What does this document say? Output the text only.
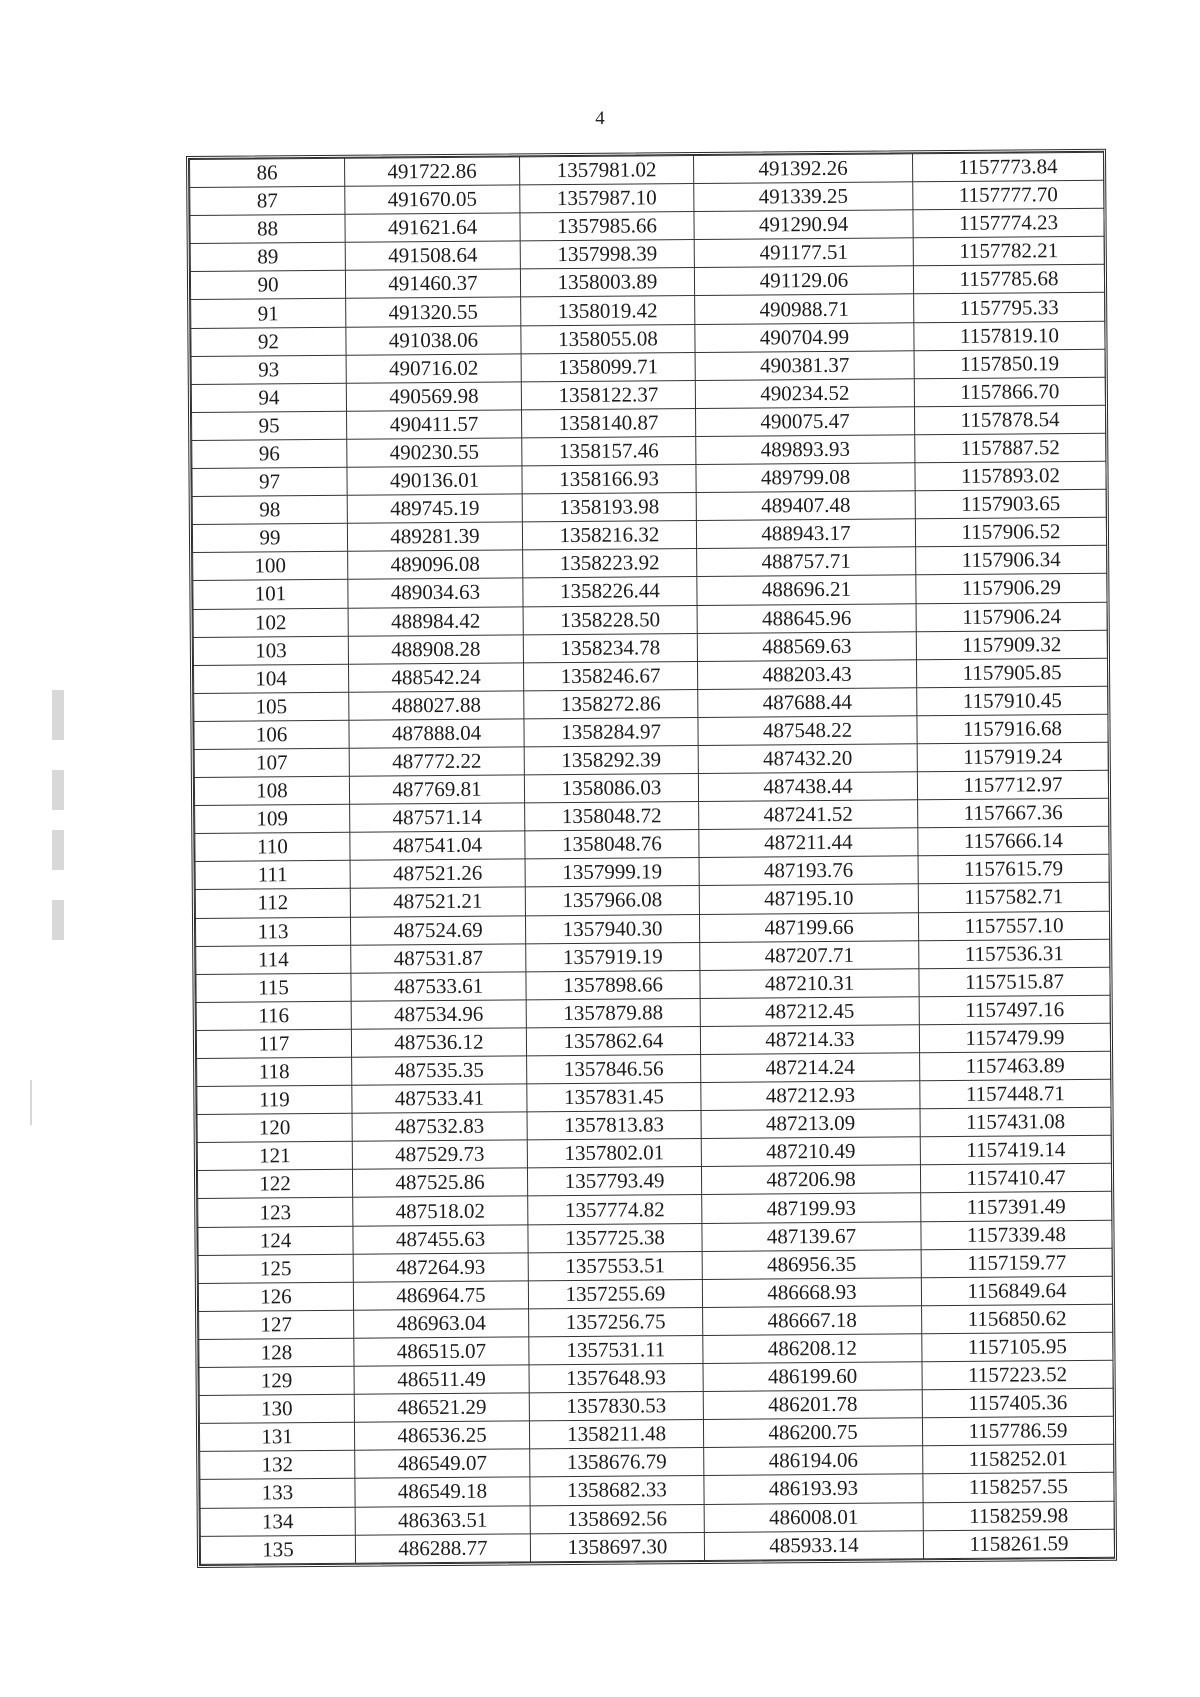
4
86	491722.86	1357981.02	491392.26	1157773.84
87	491670.05	1357987.10	491339.25	1157777.70
88	491621.64	1357985.66	491290.94	1157774.23
89	491508.64	1357998.39	491177.51	1157782.21
90	491460.37	1358003.89	491129.06	1157785.68
91	491320.55	1358019.42	490988.71	1157795.33
92	491038.06	1358055.08	490704.99	1157819.10
93	490716.02	1358099.71	490381.37	1157850.19
94	490569.98	1358122.37	490234.52	1157866.70
95	490411.57	1358140.87	490075.47	1157878.54
96	490230.55	1358157.46	489893.93	1157887.52
97	490136.01	1358166.93	489799.08	1157893.02
98	489745.19	1358193.98	489407.48	1157903.65
99	489281.39	1358216.32	488943.17	1157906.52
100	489096.08	1358223.92	488757.71	1157906.34
101	489034.63	1358226.44	488696.21	1157906.29
102	488984.42	1358228.50	488645.96	1157906.24
103	488908.28	1358234.78	488569.63	1157909.32
104	488542.24	1358246.67	488203.43	1157905.85
105	488027.88	1358272.86	487688.44	1157910.45
106	487888.04	1358284.97	487548.22	1157916.68
107	487772.22	1358292.39	487432.20	1157919.24
108	487769.81	1358086.03	487438.44	1157712.97
109	487571.14	1358048.72	487241.52	1157667.36
110	487541.04	1358048.76	487211.44	1157666.14
111	487521.26	1357999.19	487193.76	1157615.79
112	487521.21	1357966.08	487195.10	1157582.71
113	487524.69	1357940.30	487199.66	1157557.10
114	487531.87	1357919.19	487207.71	1157536.31
115	487533.61	1357898.66	487210.31	1157515.87
116	487534.96	1357879.88	487212.45	1157497.16
117	487536.12	1357862.64	487214.33	1157479.99
118	487535.35	1357846.56	487214.24	1157463.89
119	487533.41	1357831.45	487212.93	1157448.71
120	487532.83	1357813.83	487213.09	1157431.08
121	487529.73	1357802.01	487210.49	1157419.14
122	487525.86	1357793.49	487206.98	1157410.47
123	487518.02	1357774.82	487199.93	1157391.49
124	487455.63	1357725.38	487139.67	1157339.48
125	487264.93	1357553.51	486956.35	1157159.77
126	486964.75	1357255.69	486668.93	1156849.64
127	486963.04	1357256.75	486667.18	1156850.62
128	486515.07	1357531.11	486208.12	1157105.95
129	486511.49	1357648.93	486199.60	1157223.52
130	486521.29	1357830.53	486201.78	1157405.36
131	486536.25	1358211.48	486200.75	1157786.59
132	486549.07	1358676.79	486194.06	1158252.01
133	486549.18	1358682.33	486193.93	1158257.55
134	486363.51	1358692.56	486008.01	1158259.98
135	486288.77	1358697.30	485933.14	1158261.59
